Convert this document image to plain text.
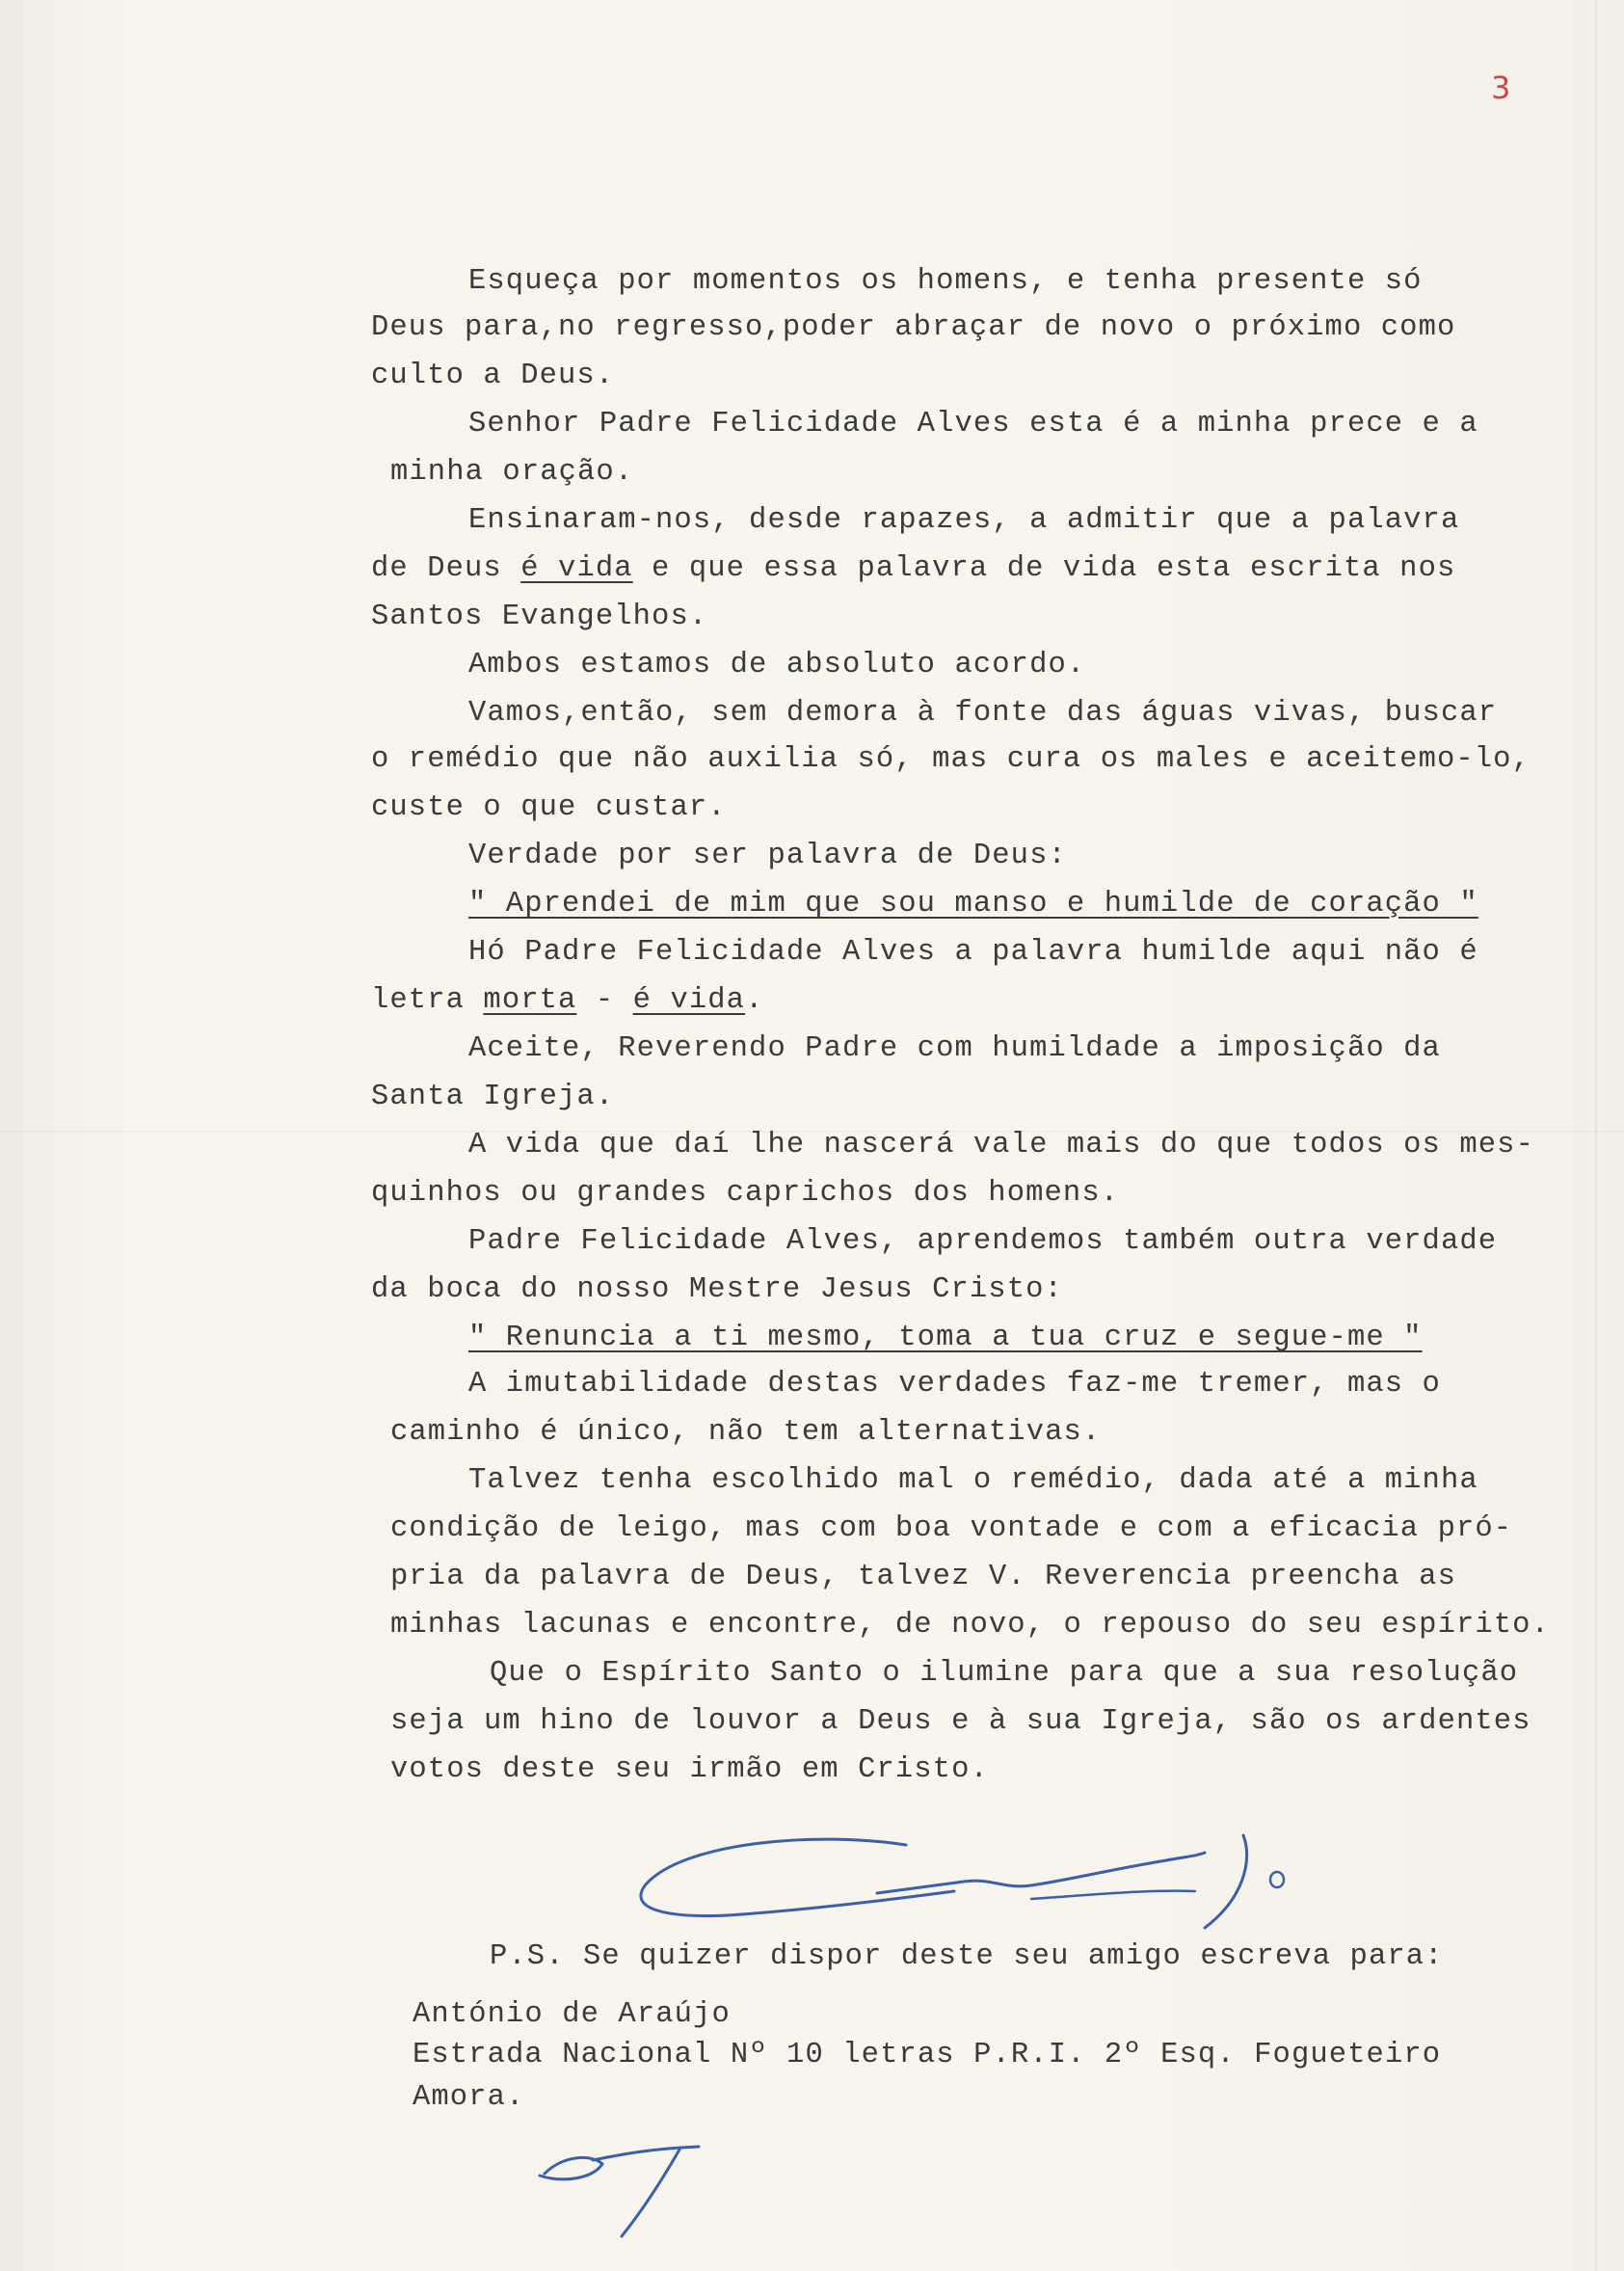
3
Esqueça por momentos os homens, e tenha presente só
Deus para,no regresso,poder abraçar de novo o próximo como
culto a Deus.
Senhor Padre Felicidade Alves esta é a minha prece e a
minha oração.
Ensinaram-nos, desde rapazes, a admitir que a palavra
de Deus é vida e que essa palavra de vida esta escrita nos
Santos Evangelhos.
Ambos estamos de absoluto acordo.
Vamos,então, sem demora à fonte das águas vivas, buscar
o remédio que não auxilia só, mas cura os males e aceitemo-lo,
custe o que custar.
Verdade por ser palavra de Deus:
" Aprendei de mim que sou manso e humilde de coração "
Hó Padre Felicidade Alves a palavra humilde aqui não é
letra morta - é vida.
Aceite, Reverendo Padre com humildade a imposição da
Santa Igreja.
A vida que daí lhe nascerá vale mais do que todos os mes-
quinhos ou grandes caprichos dos homens.
Padre Felicidade Alves, aprendemos também outra verdade
da boca do nosso Mestre Jesus Cristo:
" Renuncia a ti mesmo, toma a tua cruz e segue-me "
A imutabilidade destas verdades faz-me tremer, mas o
caminho é único, não tem alternativas.
Talvez tenha escolhido mal o remédio, dada até a minha
condição de leigo, mas com boa vontade e com a eficacia pró-
pria da palavra de Deus, talvez V. Reverencia preencha as
minhas lacunas e encontre, de novo, o repouso do seu espírito.
Que o Espírito Santo o ilumine para que a sua resolução
seja um hino de louvor a Deus e à sua Igreja, são os ardentes
votos deste seu irmão em Cristo.
P.S. Se quizer dispor deste seu amigo escreva para:
António de Araújo
Estrada Nacional Nº 10 letras P.R.I. 2º Esq. Fogueteiro
Amora.
